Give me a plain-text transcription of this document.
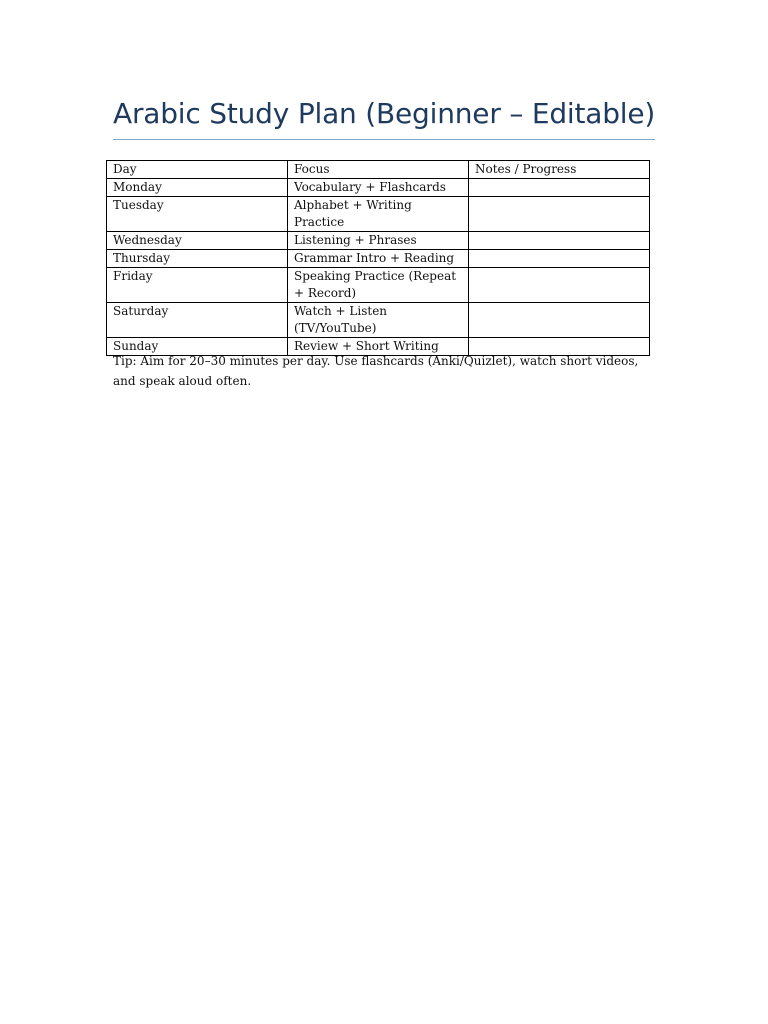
Arabic Study Plan (Beginner – Editable)
Day	Focus	Notes / Progress
Monday	Vocabulary + Flashcards	
Tuesday	Alphabet + Writing Practice	
Wednesday	Listening + Phrases	
Thursday	Grammar Intro + Reading	
Friday	Speaking Practice (Repeat + Record)	
Saturday	Watch + Listen (TV/YouTube)	
Sunday	Review + Short Writing	

Tip: Aim for 20–30 minutes per day. Use flashcards (Anki/Quizlet), watch short videos, and speak aloud often.
